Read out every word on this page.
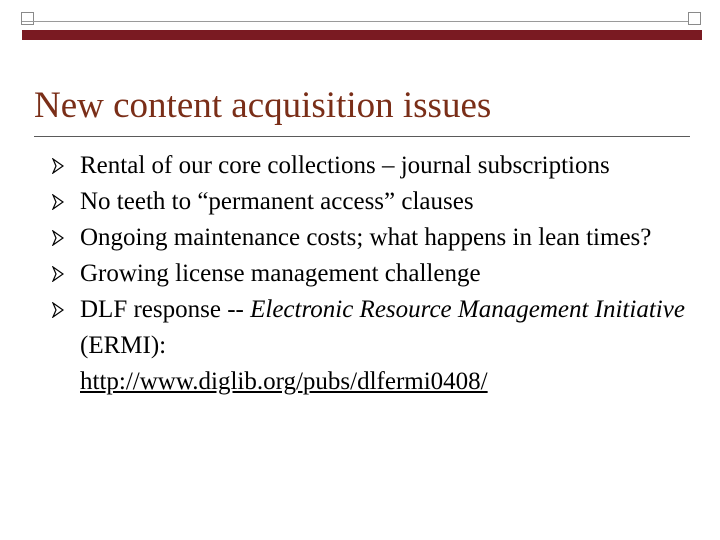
New content acquisition issues
Rental of our core collections – journal subscriptions
No teeth to “permanent access” clauses
Ongoing maintenance costs; what happens in lean times?
Growing license management challenge
DLF response -- Electronic Resource Management Initiative (ERMI):
http://www.diglib.org/pubs/dlfermi0408/
